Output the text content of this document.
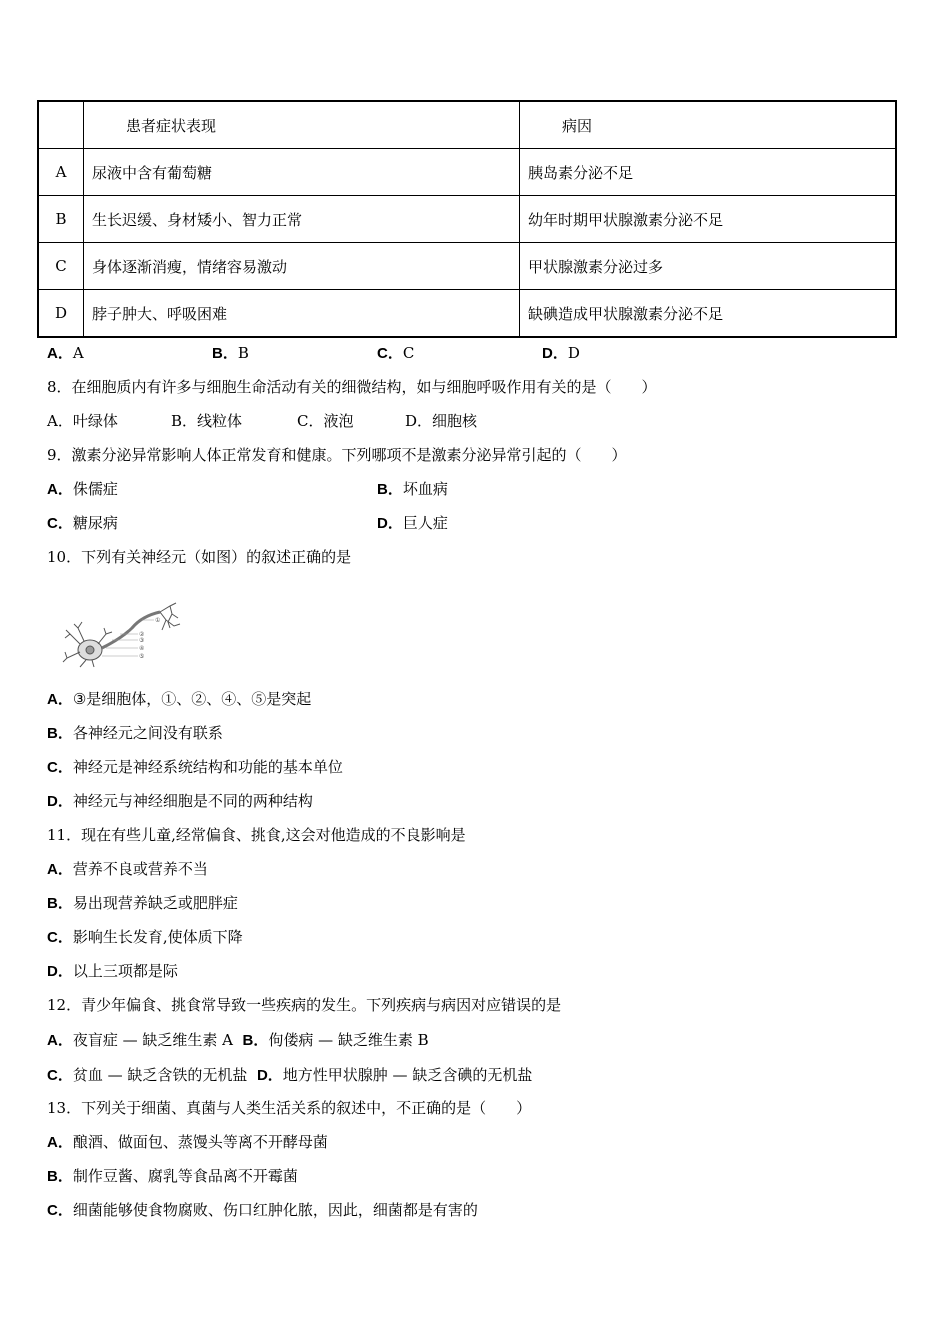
	患者症状表现	病因
A	尿液中含有葡萄糖	胰岛素分泌不足
B	生长迟缓、身材矮小、智力正常	幼年时期甲状腺激素分泌不足
C	身体逐渐消瘦，情绪容易激动	甲状腺激素分泌过多
D	脖子肿大、呼吸困难	缺碘造成甲状腺激素分泌不足
A．A	B．B	C．C	D．D
8．在细胞质内有许多与细胞生命活动有关的细微结构，如与细胞呼吸作用有关的是（　　）
A．叶绿体	B．线粒体	C．液泡	D．细胞核
9．激素分泌异常影响人体正常发育和健康。下列哪项不是激素分泌异常引起的（　　）
A．侏儒症	B．坏血病
C．糖尿病	D．巨人症
10．下列有关神经元（如图）的叙述正确的是
①
②
③
④
⑤
A．③是细胞体，①、②、④、⑤是突起
B．各神经元之间没有联系
C．神经元是神经系统结构和功能的基本单位
D．神经元与神经细胞是不同的两种结构
11．现在有些儿童,经常偏食、挑食,这会对他造成的不良影响是
A．营养不良或营养不当
B．易出现营养缺乏或肥胖症
C．影响生长发育,使体质下降
D．以上三项都是际
12．青少年偏食、挑食常导致一些疾病的发生。下列疾病与病因对应错误的是
A．夜盲症 — 缺乏维生素 A B．佝偻病 — 缺乏维生素 B
C．贫血 — 缺乏含铁的无机盐 D．地方性甲状腺肿 — 缺乏含碘的无机盐
13．下列关于细菌、真菌与人类生活关系的叙述中，不正确的是（　　）
A．酿酒、做面包、蒸馒头等离不开酵母菌
B．制作豆酱、腐乳等食品离不开霉菌
C．细菌能够使食物腐败、伤口红肿化脓，因此，细菌都是有害的
